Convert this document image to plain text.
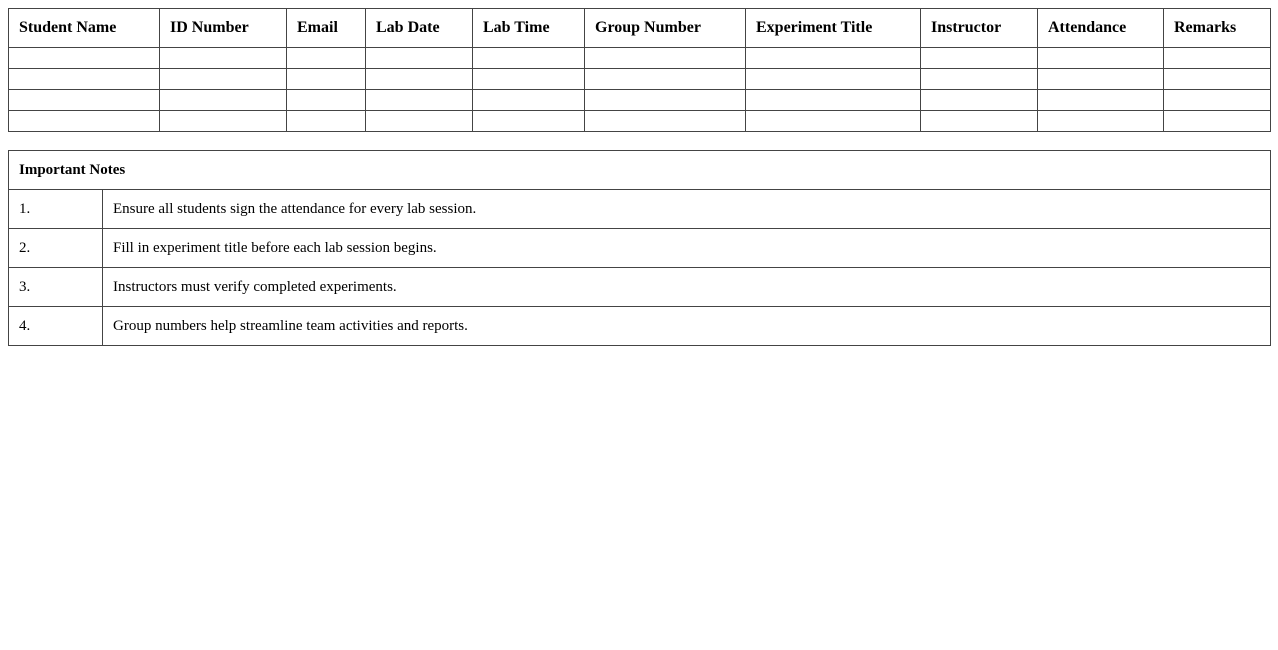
Student Name	ID Number	Email	Lab Date	Lab Time	Group Number	Experiment Title	Instructor	Attendance	Remarks

Important Notes	
1.	Ensure all students sign the attendance for every lab session.
2.	Fill in experiment title before each lab session begins.
3.	Instructors must verify completed experiments.
4.	Group numbers help streamline team activities and reports.
